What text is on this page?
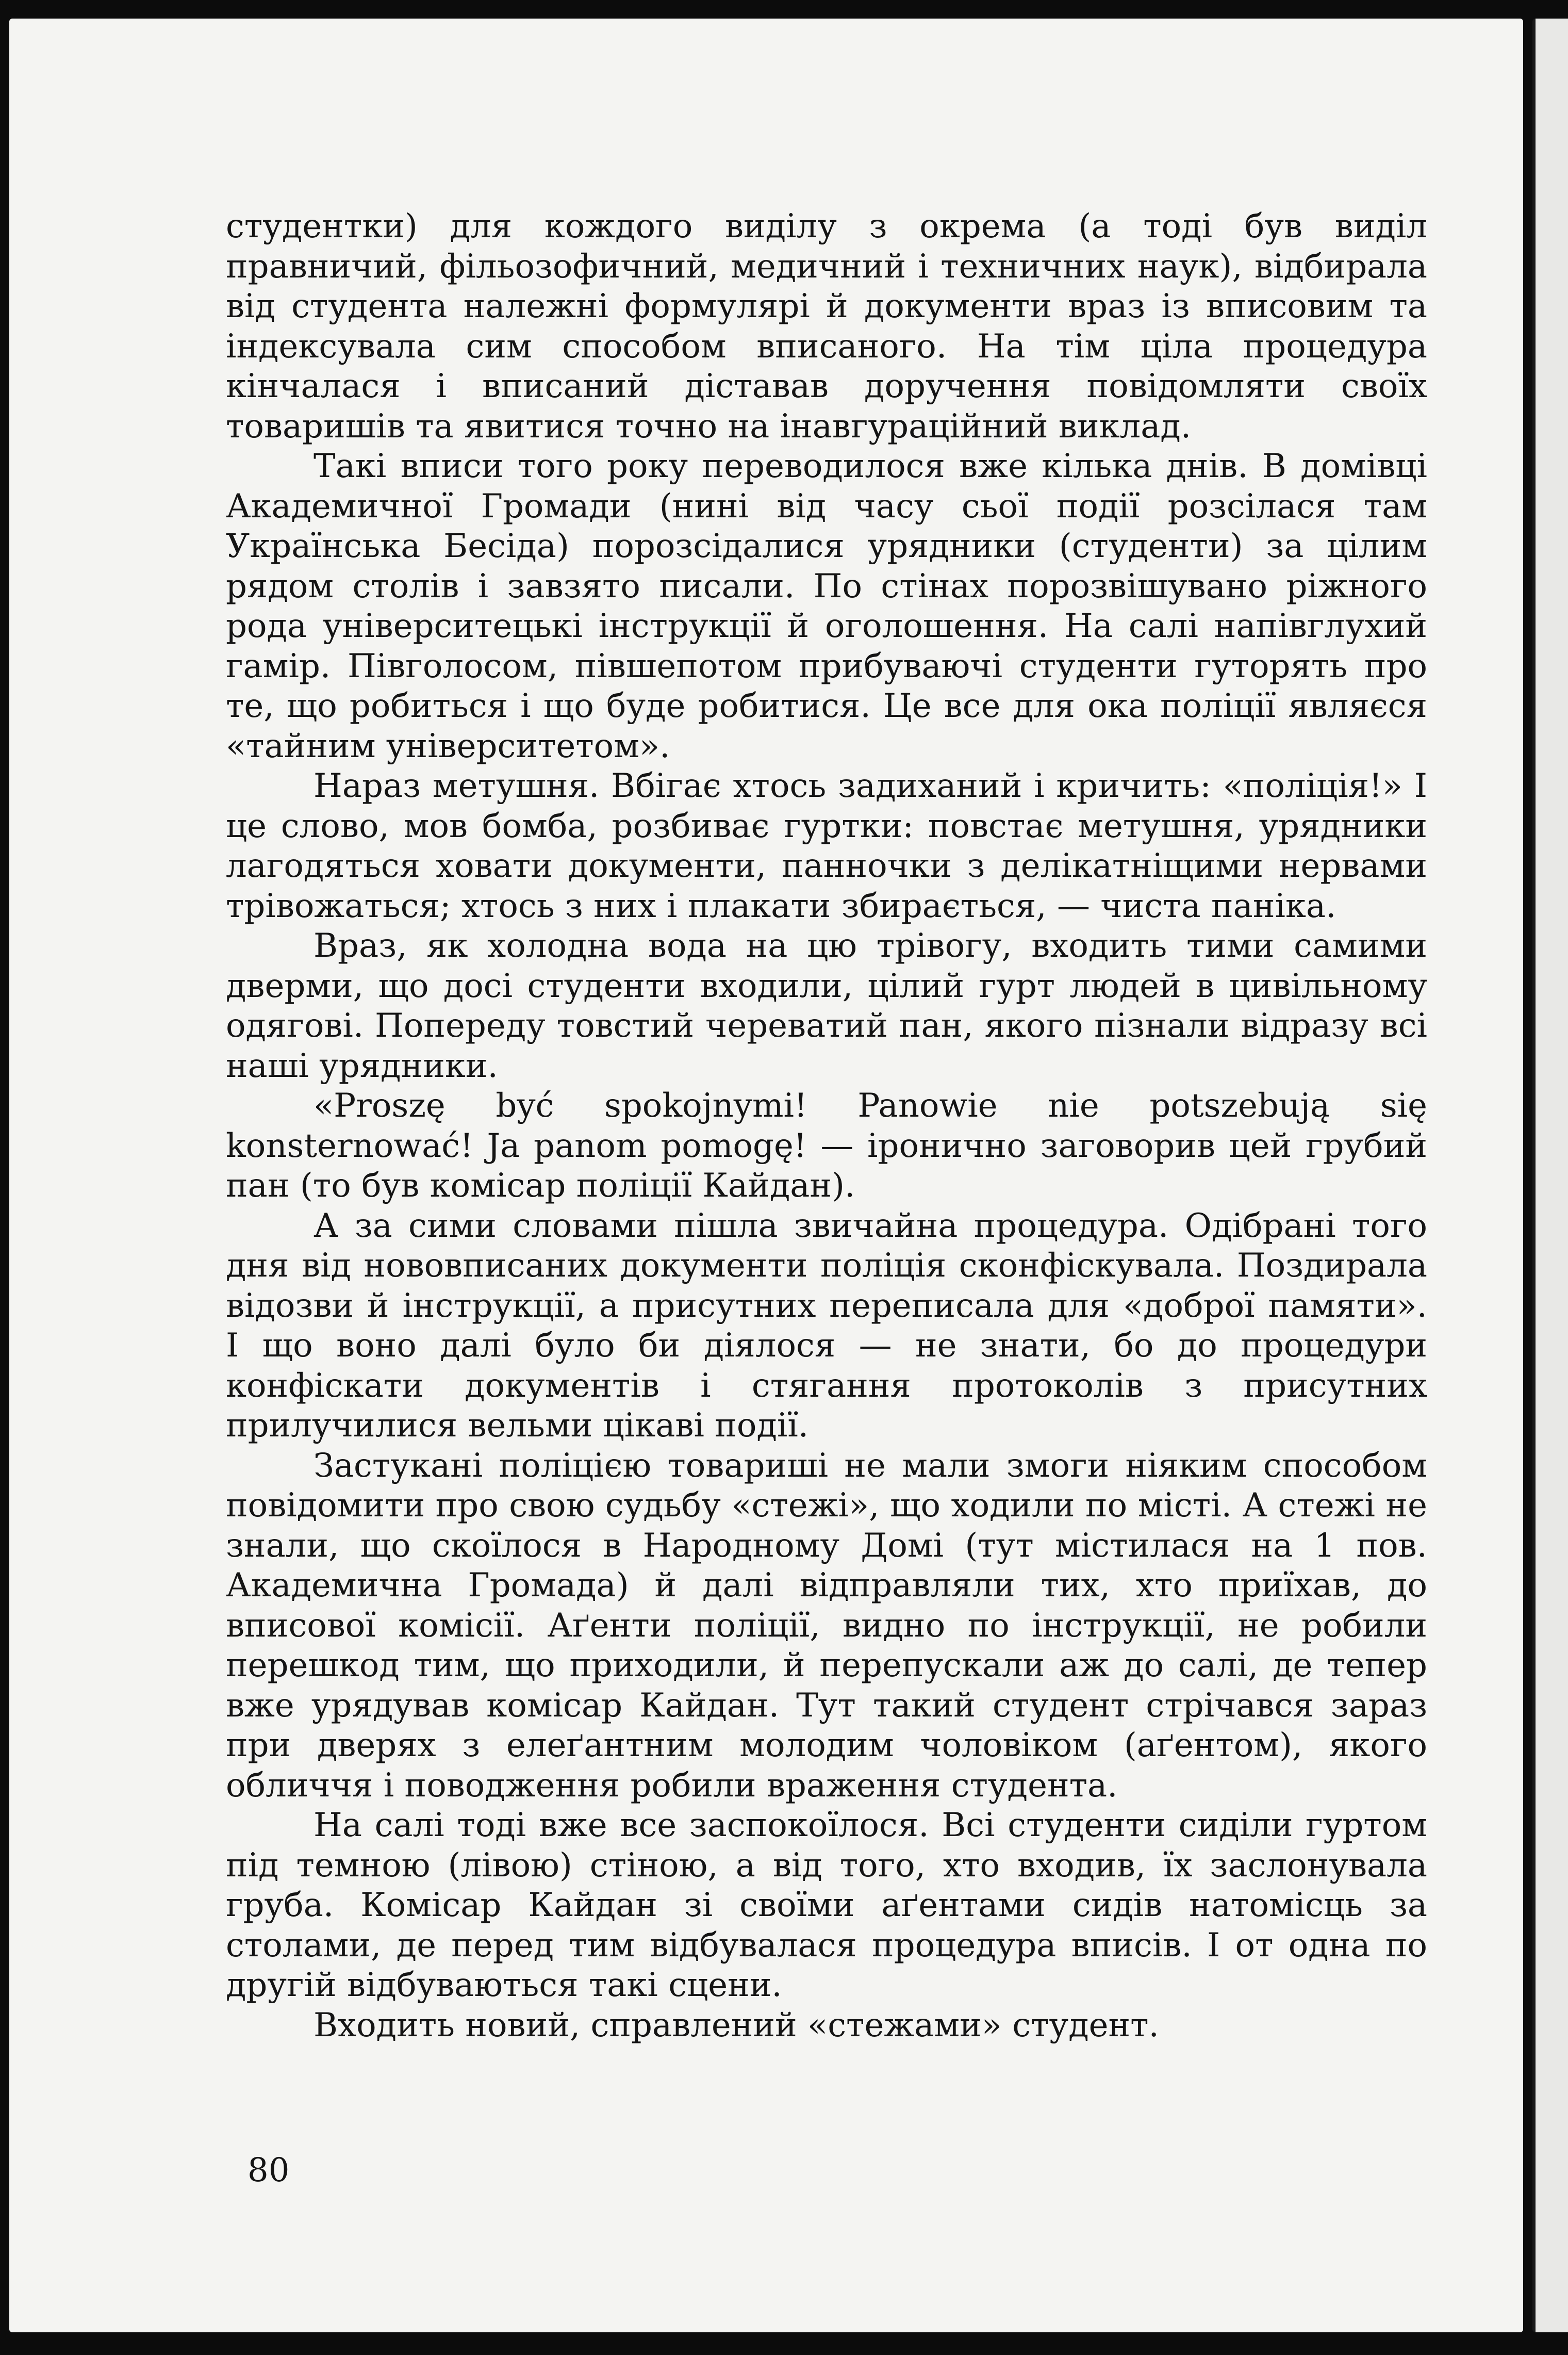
студентки) для кождого виділу з окрема (а тоді був виділ правничий, фільозофичний, медичний і техничних наук), відбирала від студента належні формулярі й документи враз із вписовим та індексувала сим способом вписаного. На тім ціла процедура кінчалася і вписаний діставав доручення повідомляти своїх товаришів та явитися точно на інавгураційний виклад.

Такі вписи того року переводилося вже кілька днів. В домівці Академичної Громади (нині від часу сьої події розсілася там Українська Бесіда) порозсідалися урядники (студенти) за цілим рядом столів і завзято писали. По стінах порозвішувано ріжного рода університецькі інструкції й оголошення. На салі напівглухий гамір. Півголосом, півшепотом прибуваючі студенти гуторять про те, що робиться і що буде робитися. Це все для ока поліції являєся «тайним університетом».

Нараз метушня. Вбігає хтось задиханий і кричить: «поліція!» І це слово, мов бомба, розбиває гуртки: повстає метушня, урядники лагодяться ховати документи, панночки з делікатніщими нервами трівожаться; хтось з них і плакати збирається, — чиста паніка.

Враз, як холодна вода на цю трівогу, входить тими самими дверми, що досі студенти входили, цілий гурт людей в цивільному одягові. Попереду товстий череватий пан, якого пізнали відразу всі наші урядники.

«Proszę być spokojnymi! Panowie nie potszebują się konsternować! Ja panom pomogę! — іронично заговорив цей грубий пан (то був комісар поліції Кайдан).

А за сими словами пішла звичайна процедура. Одібрані того дня від нововписаних документи поліція сконфіскувала. Поздирала відозви й інструкції, а присутних переписала для «доброї памяти». І що воно далі було би діялося — не знати, бо до процедури конфіскати документів і стягання протоколів з присутних прилучилися вельми цікаві події.

Застукані поліцією товариші не мали змоги ніяким способом повідомити про свою судьбу «стежі», що ходили по місті. А стежі не знали, що скоїлося в Народному Домі (тут містилася на 1 пов. Академична Громада) й далі відправляли тих, хто приїхав, до вписової комісії. Аґенти поліції, видно по інструкції, не робили перешкод тим, що приходили, й перепускали аж до салі, де тепер вже урядував комісар Кайдан. Тут такий студент стрічався зараз при дверях з елеґантним молодим чоловіком (аґентом), якого обличчя і поводження робили враження студента.

На салі тоді вже все заспокоїлося. Всі студенти сиділи гуртом під темною (лівою) стіною, а від того, хто входив, їх заслонувала груба. Комісар Кайдан зі своїми аґентами сидів натомісць за столами, де перед тим відбувалася процедура вписів. І от одна по другій відбуваються такі сцени.

Входить новий, справлений «стежами» студент.

80
